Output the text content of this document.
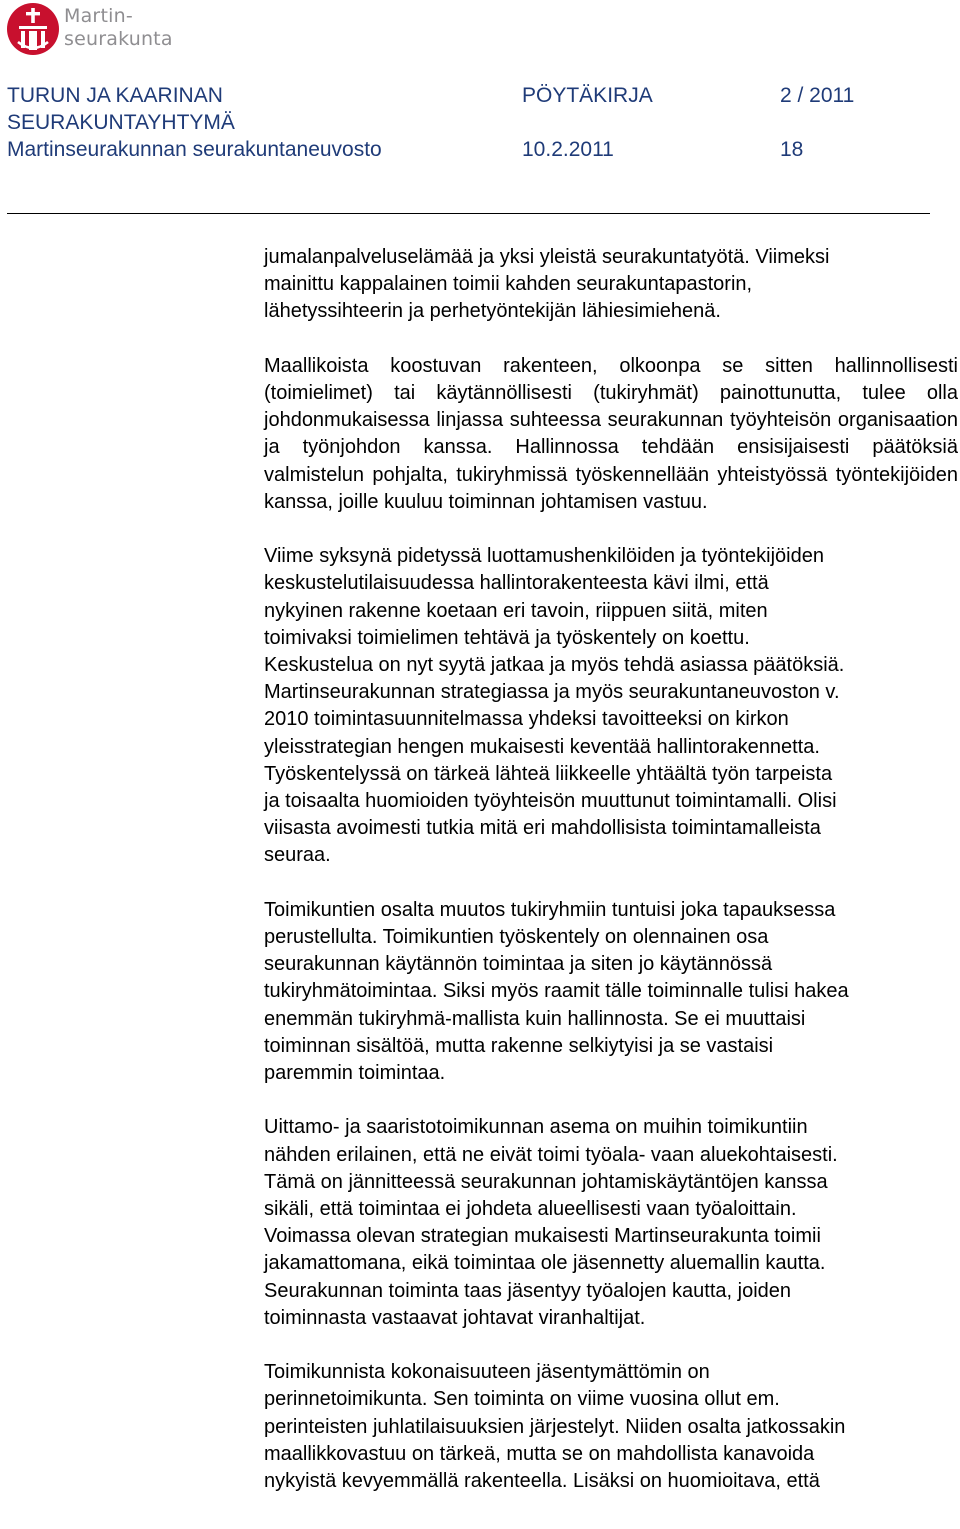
Martin-
seurakunta
TURUN JA KAARINAN	PÖYTÄKIRJA	2 / 2011
SEURAKUNTAYHTYMÄ
Martinseurakunnan seurakuntaneuvosto	10.2.2011	18

jumalanpalveluselämää ja yksi yleistä seurakuntatyötä. Viimeksi
mainittu kappalainen toimii kahden seurakuntapastorin,
lähetyssihteerin ja perhetyöntekijän lähiesimiehenä.

Maallikoista koostuvan rakenteen, olkoonpa se sitten hallinnollisesti (toimielimet) tai käytännöllisesti (tukiryhmät) painottunutta, tulee olla johdonmukaisessa linjassa suhteessa seurakunnan työyhteisön organisaation ja työnjohdon kanssa. Hallinnossa tehdään ensisijaisesti päätöksiä valmistelun pohjalta, tukiryhmissä työskennellään yhteistyössä työntekijöiden kanssa, joille kuuluu toiminnan johtamisen vastuu.

Viime syksynä pidetyssä luottamushenkilöiden ja työntekijöiden
keskustelutilaisuudessa hallintorakenteesta kävi ilmi, että
nykyinen rakenne koetaan eri tavoin, riippuen siitä, miten
toimivaksi toimielimen tehtävä ja työskentely on koettu.
Keskustelua on nyt syytä jatkaa ja myös tehdä asiassa päätöksiä.
Martinseurakunnan strategiassa ja myös seurakuntaneuvoston v.
2010 toimintasuunnitelmassa yhdeksi tavoitteeksi on kirkon
yleisstrategian hengen mukaisesti keventää hallintorakennetta.
Työskentelyssä on tärkeä lähteä liikkeelle yhtäältä työn tarpeista
ja toisaalta huomioiden työyhteisön muuttunut toimintamalli. Olisi
viisasta avoimesti tutkia mitä eri mahdollisista toimintamalleista
seuraa.

Toimikuntien osalta muutos tukiryhmiin tuntuisi joka tapauksessa
perustellulta. Toimikuntien työskentely on olennainen osa
seurakunnan käytännön toimintaa ja siten jo käytännössä
tukiryhmätoimintaa. Siksi myös raamit tälle toiminnalle tulisi hakea
enemmän tukiryhmä-mallista kuin hallinnosta. Se ei muuttaisi
toiminnan sisältöä, mutta rakenne selkiytyisi ja se vastaisi
paremmin toimintaa.

Uittamo- ja saaristotoimikunnan asema on muihin toimikuntiin
nähden erilainen, että ne eivät toimi työala- vaan aluekohtaisesti.
Tämä on jännitteessä seurakunnan johtamiskäytäntöjen kanssa
sikäli, että toimintaa ei johdeta alueellisesti vaan työaloittain.
Voimassa olevan strategian mukaisesti Martinseurakunta toimii
jakamattomana, eikä toimintaa ole jäsennetty aluemallin kautta.
Seurakunnan toiminta taas jäsentyy työalojen kautta, joiden
toiminnasta vastaavat johtavat viranhaltijat.

Toimikunnista kokonaisuuteen jäsentymättömin on
perinnetoimikunta. Sen toiminta on viime vuosina ollut em.
perinteisten juhlatilaisuuksien järjestelyt. Niiden osalta jatkossakin
maallikkovastuu on tärkeä, mutta se on mahdollista kanavoida
nykyistä kevyemmällä rakenteella. Lisäksi on huomioitava, että
